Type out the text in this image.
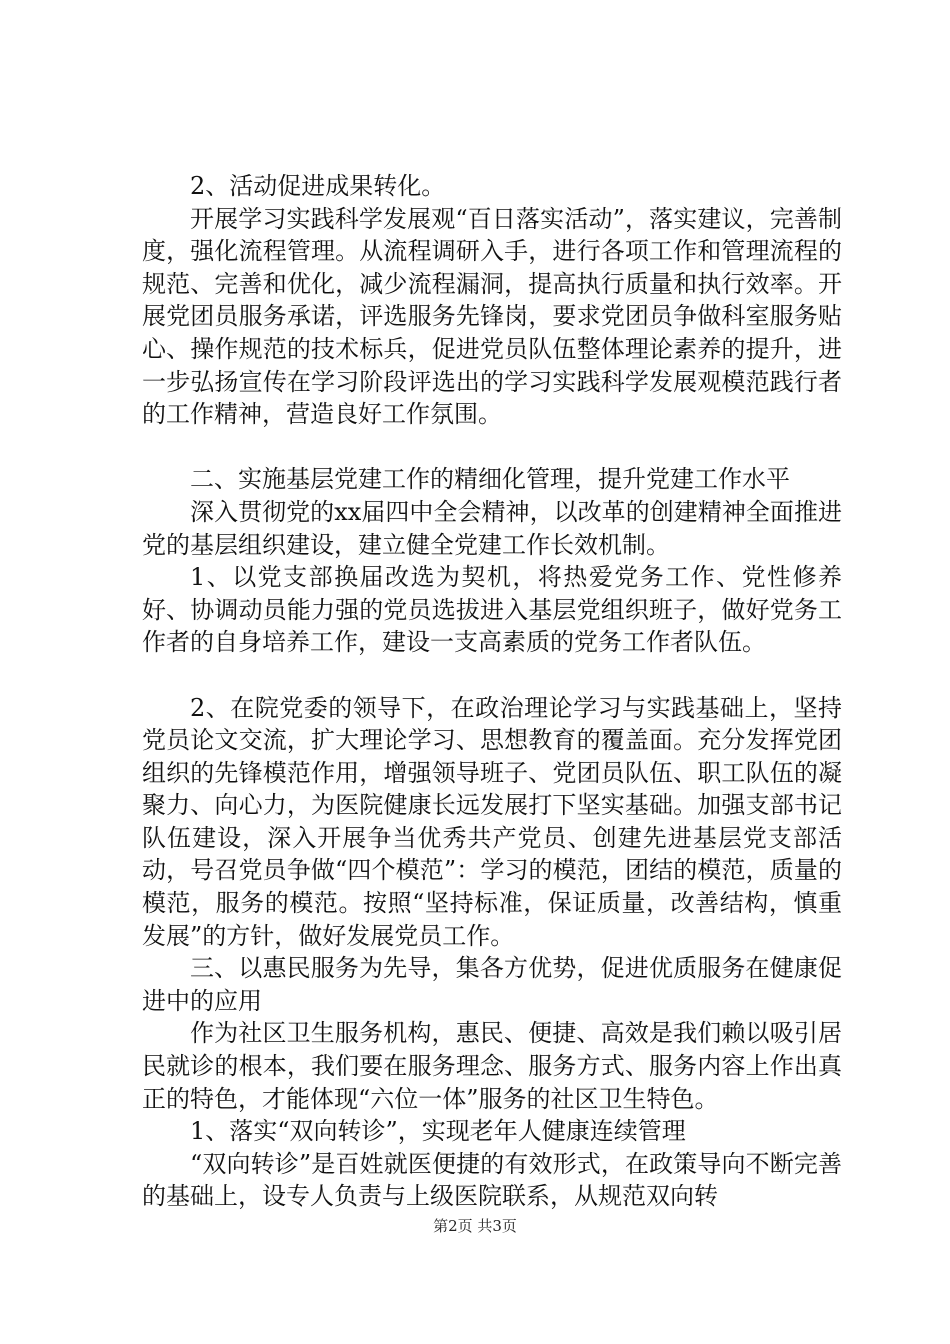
2、活动促进成果转化。

开展学习实践科学发展观“百日落实活动”，落实建议，完善制度，强化流程管理。从流程调研入手，进行各项工作和管理流程的规范、完善和优化，减少流程漏洞，提高执行质量和执行效率。开展党团员服务承诺，评选服务先锋岗，要求党团员争做科室服务贴心、操作规范的技术标兵，促进党员队伍整体理论素养的提升，进一步弘扬宣传在学习阶段评选出的学习实践科学发展观模范践行者的工作精神，营造良好工作氛围。

二、实施基层党建工作的精细化管理，提升党建工作水平

深入贯彻党的xx届四中全会精神，以改革的创建精神全面推进党的基层组织建设，建立健全党建工作长效机制。

1、以党支部换届改选为契机，将热爱党务工作、党性修养好、协调动员能力强的党员选拔进入基层党组织班子，做好党务工作者的自身培养工作，建设一支高素质的党务工作者队伍。

2、在院党委的领导下，在政治理论学习与实践基础上，坚持党员论文交流，扩大理论学习、思想教育的覆盖面。充分发挥党团组织的先锋模范作用，增强领导班子、党团员队伍、职工队伍的凝聚力、向心力，为医院健康长远发展打下坚实基础。加强支部书记队伍建设，深入开展争当优秀共产党员、创建先进基层党支部活动，号召党员争做“四个模范”：学习的模范，团结的模范，质量的模范，服务的模范。按照“坚持标准，保证质量，改善结构，慎重发展”的方针，做好发展党员工作。

三、以惠民服务为先导，集各方优势，促进优质服务在健康促进中的应用

作为社区卫生服务机构，惠民、便捷、高效是我们赖以吸引居民就诊的根本，我们要在服务理念、服务方式、服务内容上作出真正的特色，才能体现“六位一体”服务的社区卫生特色。

1、落实“双向转诊”，实现老年人健康连续管理

“双向转诊”是百姓就医便捷的有效形式，在政策导向不断完善的基础上，设专人负责与上级医院联系，从规范双向转

第2页 共3页
